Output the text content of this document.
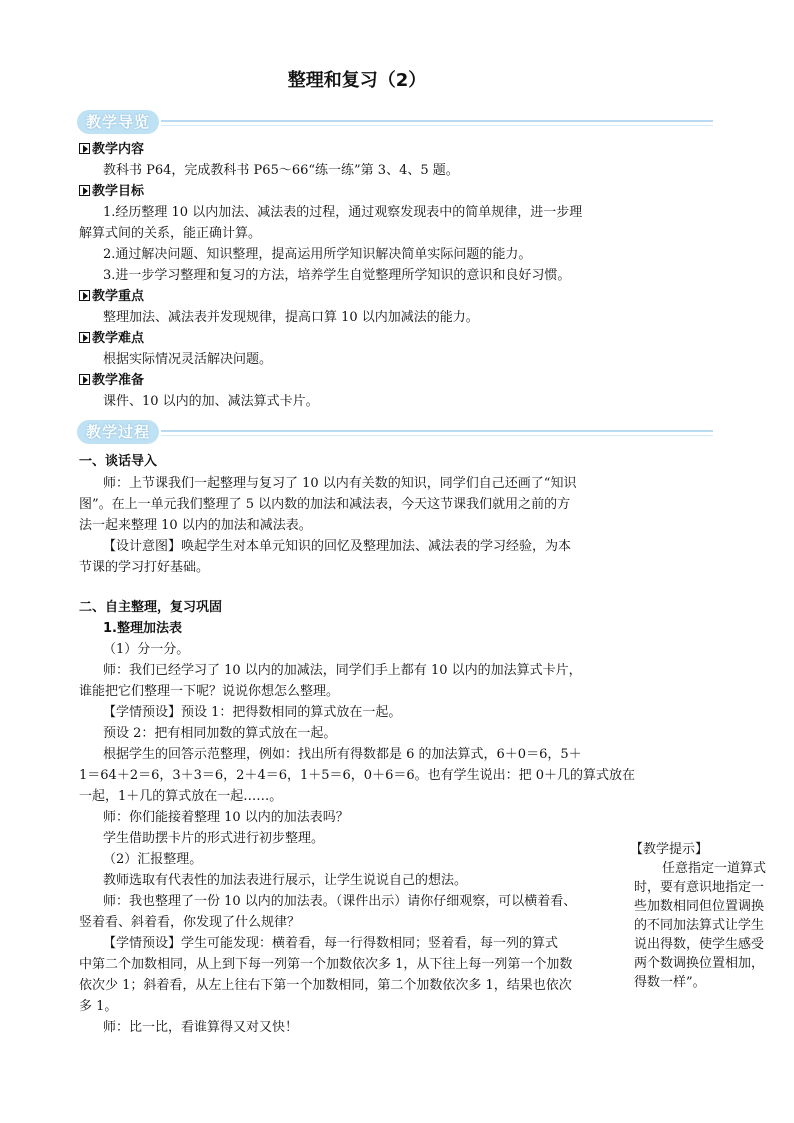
整理和复习（2）
教学导览
教学内容
教科书 P64，完成教科书 P65～66“练一练”第 3、4、5 题。
教学目标
1.经历整理 10 以内加法、减法表的过程，通过观察发现表中的简单规律，进一步理
解算式间的关系，能正确计算。
2.通过解决问题、知识整理，提高运用所学知识解决简单实际问题的能力。
3.进一步学习整理和复习的方法，培养学生自觉整理所学知识的意识和良好习惯。
教学重点
整理加法、减法表并发现规律，提高口算 10 以内加减法的能力。
教学难点
根据实际情况灵活解决问题。
教学准备
课件、10 以内的加、减法算式卡片。
教学过程
一、谈话导入
师：上节课我们一起整理与复习了 10 以内有关数的知识，同学们自己还画了“知识
图”。在上一单元我们整理了 5 以内数的加法和减法表，今天这节课我们就用之前的方
法一起来整理 10 以内的加法和减法表。
【设计意图】唤起学生对本单元知识的回忆及整理加法、减法表的学习经验，为本
节课的学习打好基础。
二、自主整理，复习巩固
1.整理加法表
（1）分一分。
师：我们已经学习了 10 以内的加减法，同学们手上都有 10 以内的加法算式卡片，
谁能把它们整理一下呢？说说你想怎么整理。
【学情预设】预设 1：把得数相同的算式放在一起。
预设 2：把有相同加数的算式放在一起。
根据学生的回答示范整理，例如：找出所有得数都是 6 的加法算式，6＋0＝6，5＋
1＝64＋2＝6，3＋3＝6，2＋4＝6，1＋5＝6，0＋6＝6。也有学生说出：把 0＋几的算式放在
一起，1＋几的算式放在一起……。
师：你们能接着整理 10 以内的加法表吗？
学生借助摆卡片的形式进行初步整理。
（2）汇报整理。
教师选取有代表性的加法表进行展示，让学生说说自己的想法。
师：我也整理了一份 10 以内的加法表。（课件出示）请你仔细观察，可以横着看、
竖着看、斜着看，你发现了什么规律？
【学情预设】学生可能发现：横着看，每一行得数相同；竖着看，每一列的算式
中第二个加数相同，从上到下每一列第一个加数依次多 1，从下往上每一列第一个加数
依次少 1；斜着看，从左上往右下第一个加数相同，第二个加数依次多 1，结果也依次
多 1。
师：比一比，看谁算得又对又快！
【教学提示】
任意指定一道算式时，要有意识地指定一些加数相同但位置调换的不同加法算式让学生说出得数，使学生感受两个数调换位置相加，得数一样”。
